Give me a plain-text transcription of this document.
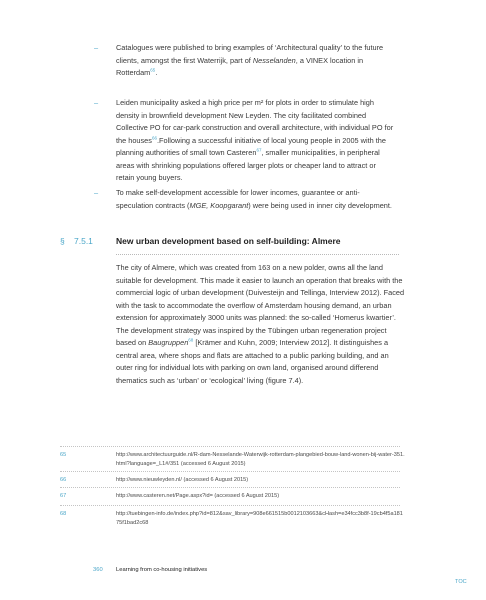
–	Catalogues were published to bring examples of ‘Architectural quality’ to the future clients, amongst the first Waterrijk, part of Nesselanden, a VINEX location in Rotterdam$^{65}$.
–	Leiden municipality asked a high price per m² for plots in order to stimulate high density in brownfield development New Leyden. The city facilitated combined Collective PO for car-park construction and overall architecture, with individual PO for the houses$^{66}$.Following a successful initiative of local young people in 2005 with the planning authorities of small town Casteren$^{67}$, smaller municipalities, in peripheral areas with shrinking populations offered larger plots or cheaper land to attract or retain young buyers.
–	To make self-development accessible for lower incomes, guarantee or anti-speculation contracts (MGE, Koopgarant) were being used in inner city development.
§ 7.5.1	New urban development based on self-building: Almere
The city of Almere, which was created from 163 on a new polder, owns all the land suitable for development. This made it easier to launch an operation that breaks with the commercial logic of urban development (Duivesteijn and Tellinga, Interview 2012). Faced with the task to accommodate the overflow of Amsterdam housing demand, an urban extension for approximately 3000 units was planned: the so-called ‘Homerus kwartier’. The development strategy was inspired by the Tübingen urban regeneration project based on Baugruppen$^{68}$ [Krämer and Kuhn, 2009; Interview 2012]. It distinguishes a central area, where shops and flats are attached to a public parking building, and an outer ring for individual lots with parking on own land, organised around differend thematics such as ‘urban’ or ‘ecological’ living (figure 7.4).
65	http://www.architectuurguide.nl/R-dam-Nesselande-Waterwijk-rotterdam-plangebied-bouw-land-wonen-bij-water-351.html?language=_L1#/351 (accessed 6 August 2015)
66	http://www.nieuwleyden.nl/ (accessed 6 August 2015)
67	http://www.casteren.net/Page.aspx?id= (accessed 6 August 2015)
68	http://tuebingen-info.de/index.php?id=812&sav_library=908e661515b0012103663&cHash=e34fcc3b8f-19cb4f5a18175f1bad2c68
360 Learning from co-housing initiatives
TOC
